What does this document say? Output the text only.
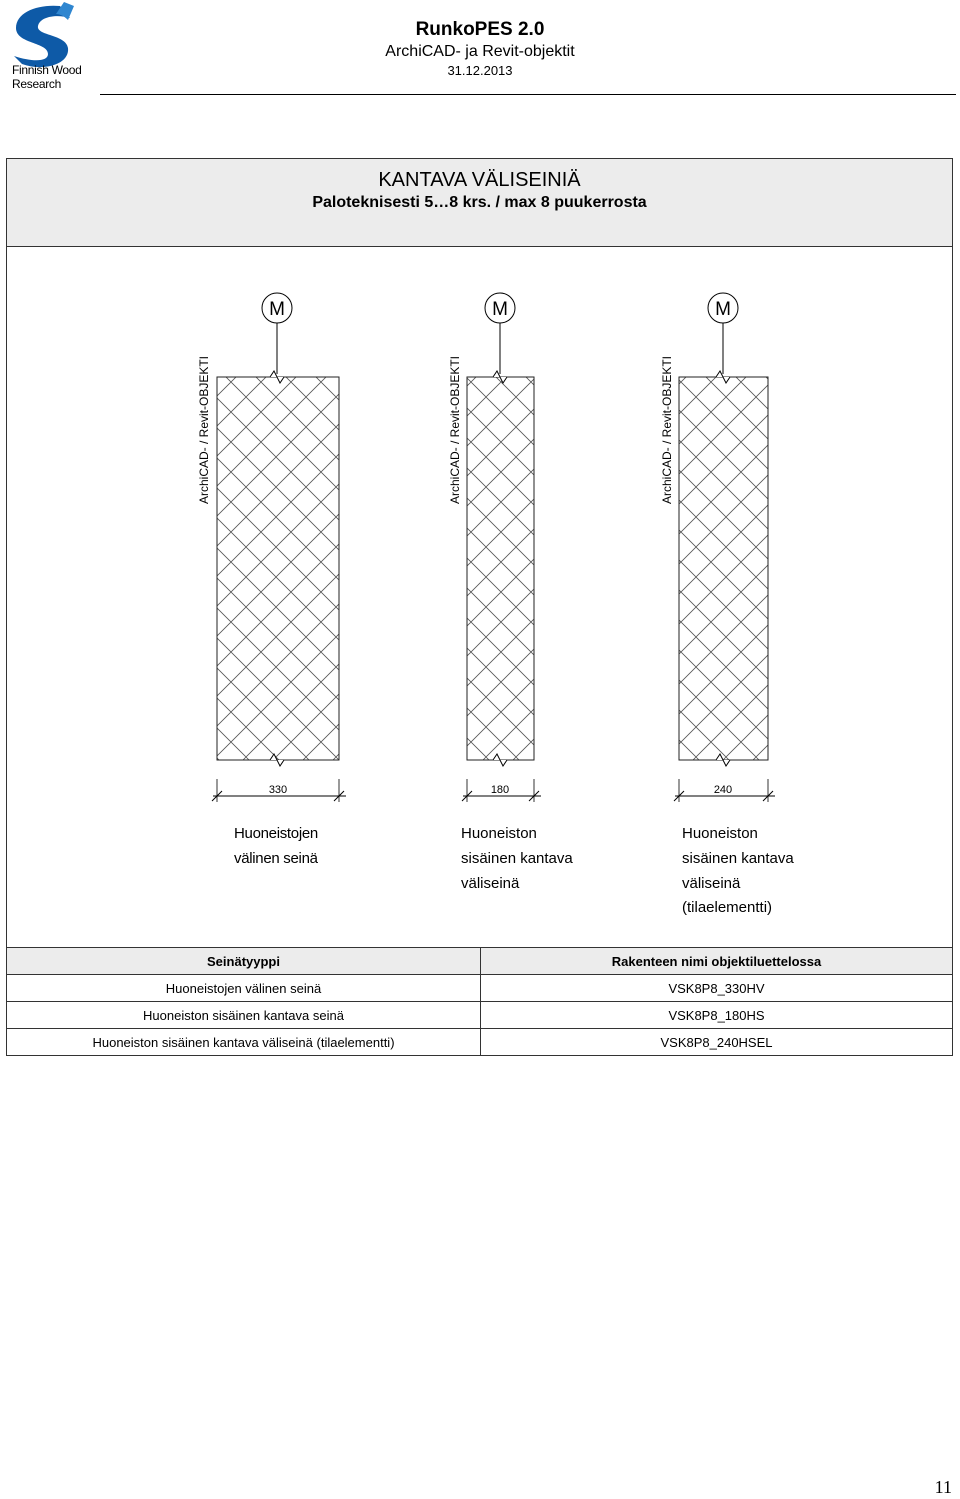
Finnish Wood
Research
RunkoPES 2.0
ArchiCAD- ja Revit-objektit
31.12.2013
KANTAVA VÄLISEINIÄ
Paloteknisesti 5…8 krs. / max 8 puukerrosta
M
ArchiCAD- / Revit-OBJEKTI
330
Huoneistojen
välinen seinä
M
ArchiCAD- / Revit-OBJEKTI
180
Huoneiston
sisäinen kantava
väliseinä
M
ArchiCAD- / Revit-OBJEKTI
240
Huoneiston
sisäinen kantava
väliseinä
(tilaelementti)
Seinätyyppi	Rakenteen nimi objektiluettelossa
Huoneistojen välinen seinä	VSK8P8_330HV
Huoneiston sisäinen kantava seinä	VSK8P8_180HS
Huoneiston sisäinen kantava väliseinä (tilaelementti)	VSK8P8_240HSEL
11
